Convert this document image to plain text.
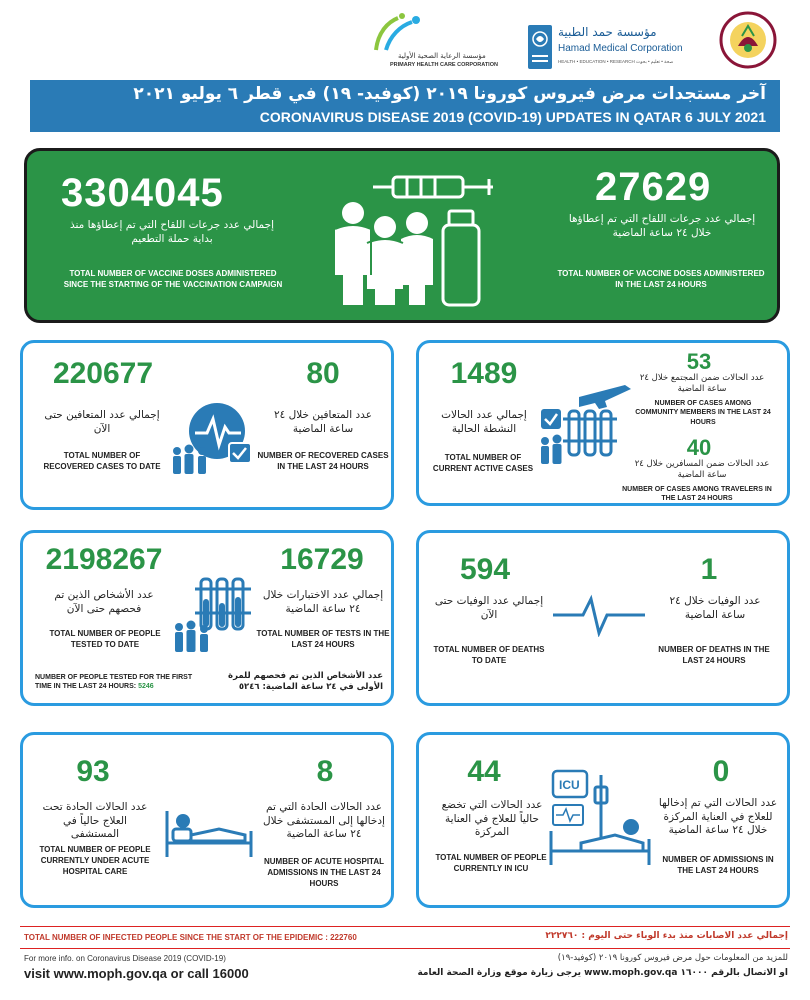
مؤسسة الرعاية الصحية الأولية
PRIMARY HEALTH CARE CORPORATION
مؤسسة حمد الطبية
Hamad Medical Corporation
HEALTH • EDUCATION • RESEARCH صحة • تعليم • بحوث
آخر مستجدات مرض فيروس كورونا ٢٠١٩ (كوفيد- ١٩) في قطر ٦ يوليو ٢٠٢١
CORONAVIRUS DISEASE 2019 (COVID-19) UPDATES IN QATAR 6 JULY 2021
3304045
إجمالي عدد جرعات اللقاح التي تم إعطاؤها منذ بداية حملة التطعيم
TOTAL NUMBER OF VACCINE DOSES ADMINISTERED SINCE THE STARTING OF THE VACCINATION CAMPAIGN
27629
إجمالي عدد جرعات اللقاح التي تم إعطاؤها خلال ٢٤ ساعة الماضية
TOTAL NUMBER OF VACCINE DOSES ADMINISTERED IN THE LAST 24 HOURS
220677
إجمالي عدد المتعافين حتى الآن
TOTAL NUMBER OF RECOVERED CASES TO DATE
80
عدد المتعافين خلال ٢٤ ساعة الماضية
NUMBER OF RECOVERED CASES IN THE LAST 24 HOURS
1489
إجمالي عدد الحالات النشطة الحالية
TOTAL NUMBER OF CURRENT ACTIVE CASES
53
عدد الحالات ضمن المجتمع خلال ٢٤ ساعة الماضية
NUMBER OF CASES AMONG COMMUNITY MEMBERS IN THE LAST 24 HOURS
40
عدد الحالات ضمن المسافرين خلال ٢٤ ساعة الماضية
NUMBER OF CASES AMONG TRAVELERS IN THE LAST 24 HOURS
2198267
عدد الأشخاص الذين تم فحصهم حتى الآن
TOTAL NUMBER OF PEOPLE TESTED TO DATE
16729
إجمالي عدد الاختبارات خلال ٢٤ ساعة الماضية
TOTAL NUMBER OF TESTS IN THE LAST 24 HOURS
NUMBER OF PEOPLE TESTED FOR THE FIRST TIME IN THE LAST 24 HOURS: 5246
عدد الأشخاص الذين تم فحصهم للمرة الأولى في ٢٤ ساعة الماضية: ٥٢٤٦
594
إجمالي عدد الوفيات حتى الآن
TOTAL NUMBER OF DEATHS TO DATE
1
عدد الوفيات خلال ٢٤ ساعة الماضية
NUMBER OF DEATHS IN THE LAST 24 HOURS
93
عدد الحالات الحادة تحت العلاج حالياً في المستشفى
TOTAL NUMBER OF PEOPLE CURRENTLY UNDER ACUTE HOSPITAL CARE
8
عدد الحالات الحادة التي تم إدخالها إلى المستشفى خلال ٢٤ ساعة الماضية
NUMBER OF ACUTE HOSPITAL ADMISSIONS IN THE LAST 24 HOURS
44
عدد الحالات التي تخضع حالياً للعلاج في العناية المركزة
TOTAL NUMBER OF PEOPLE CURRENTLY IN ICU
ICU	0
عدد الحالات التي تم إدخالها للعلاج في العناية المركزة خلال ٢٤ ساعة الماضية
NUMBER OF ADMISSIONS IN THE LAST 24 HOURS
TOTAL NUMBER OF INFECTED PEOPLE SINCE THE START OF THE EPIDEMIC : 222760	إجمالي عدد الاصابات منذ بدء الوباء حتى اليوم : ٢٢٢٧٦٠
For more info. on Coronavirus Disease 2019 (COVID-19)
visit www.moph.gov.qa or call 16000
للمزيد من المعلومات حول مرض فيروس كورونا ٢٠١٩ (كوفيد-١٩)
يرجى زيارة موقع وزارة الصحة العامة www.moph.gov.qa او الاتصال بالرقم ١٦٠٠٠
